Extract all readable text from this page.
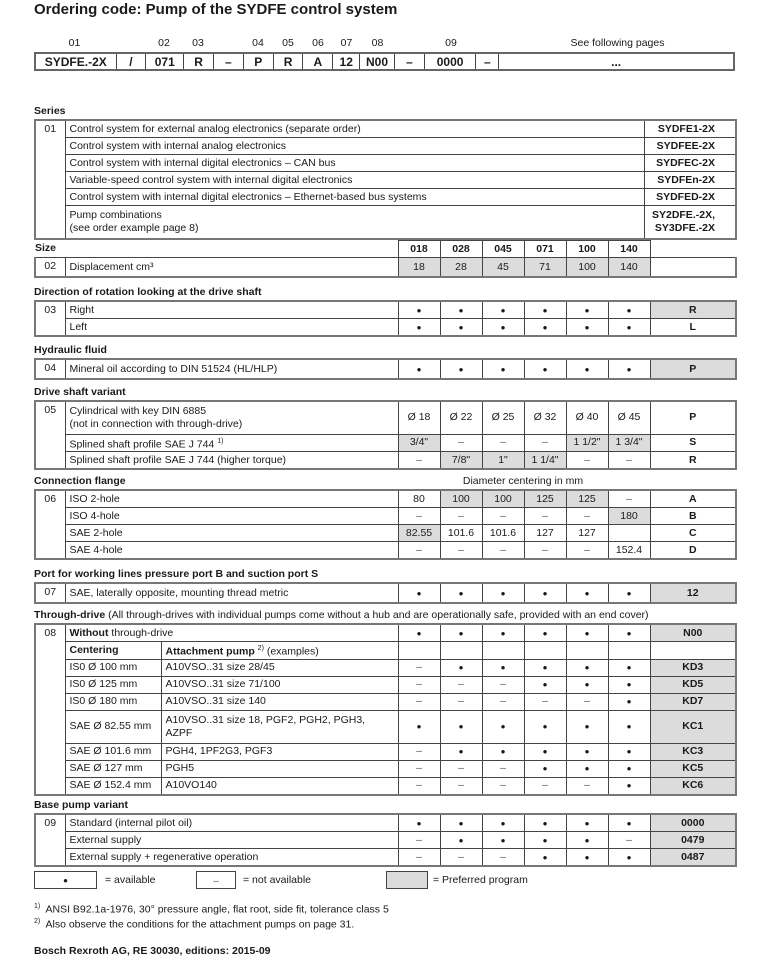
Ordering code: Pump of the SYDFE control system
01	02	03	04	05	06	07	08	09	See following pages
SYDFE.-2X	/	071	R	–	P	R	A	12	N00	–	0000	–	...
Series
01	Control system for external analog electronics (separate order)	SYDFE1-2X
	Control system with internal analog electronics	SYDFEE-2X
	Control system with internal digital electronics – CAN bus	SYDFEC-2X
	Variable-speed control system with internal digital electronics	SYDFEn-2X
	Control system with internal digital electronics – Ethernet-based bus systems	SYDFED-2X
	Pump combinations
(see order example page 8)	SY2DFE.-2X,
SY3DFE.-2X
Size		018	028	045	071	100	140	
02	Displacement cm³	18	28	45	71	100	140	
Direction of rotation looking at the drive shaft
03	Right	•	•	•	•	•	•	R
	Left	•	•	•	•	•	•	L
Hydraulic fluid
04	Mineral oil according to DIN 51524 (HL/HLP)	•	•	•	•	•	•	P
Drive shaft variant
05	Cylindrical with key DIN 6885
(not in connection with through-drive)	Ø 18	Ø 22	Ø 25	Ø 32	Ø 40	Ø 45	P
	Splined shaft profile SAE J 744 $^{1)}$	3/4"	–	–	–	1 1/2"	1 3/4"	S
	Splined shaft profile SAE J 744 (higher torque)	–	7/8"	1"	1 1/4"	–	–	R
Connection flange	Diameter centering in mm
06	ISO 2-hole	80	100	100	125	125	–	A
	ISO 4-hole	–	–	–	–	–	180	B
	SAE 2-hole	82.55	101.6	101.6	127	127		C
	SAE 4-hole	–	–	–	–	–	152.4	D
Port for working lines pressure port B and suction port S
07	SAE, laterally opposite, mounting thread metric	•	•	•	•	•	•	12
Through-drive (All through-drives with individual pumps come without a hub and are operationally safe, provided with an end cover)
08	Without through-drive		•	•	•	•	•	•	N00
	Centering	Attachment pump $^{2)}$ (examples)							
	IS0 Ø 100 mm	A10VSO..31 size 28/45	–	•	•	•	•	•	KD3
	IS0 Ø 125 mm	A10VSO..31 size 71/100	–	–	–	•	•	•	KD5
	IS0 Ø 180 mm	A10VSO..31 size 140	–	–	–	–	–	•	KD7
	SAE Ø 82.55 mm	A10VSO..31 size 18, PGF2, PGH2, PGH3,
AZPF	•	•	•	•	•	•	KC1
	SAE Ø 101.6 mm	PGH4, 1PF2G3, PGF3	–	•	•	•	•	•	KC3
	SAE Ø 127 mm	PGH5	–	–	–	•	•	•	KC5
	SAE Ø 152.4 mm	A10VO140	–	–	–	–	–	•	KC6
Base pump variant
09	Standard (internal pilot oil)	•	•	•	•	•	•	0000
	External supply	–	•	•	•	•	–	0479
	External supply + regenerative operation	–	–	–	•	•	•	0487
•	= available	–	= not available	= Preferred program
$^{1)}$ ANSI B92.1a-1976, 30° pressure angle, flat root, side fit, tolerance class 5
$^{2)}$ Also observe the conditions for the attachment pumps on page 31.
Bosch Rexroth AG, RE 30030, editions: 2015-09
